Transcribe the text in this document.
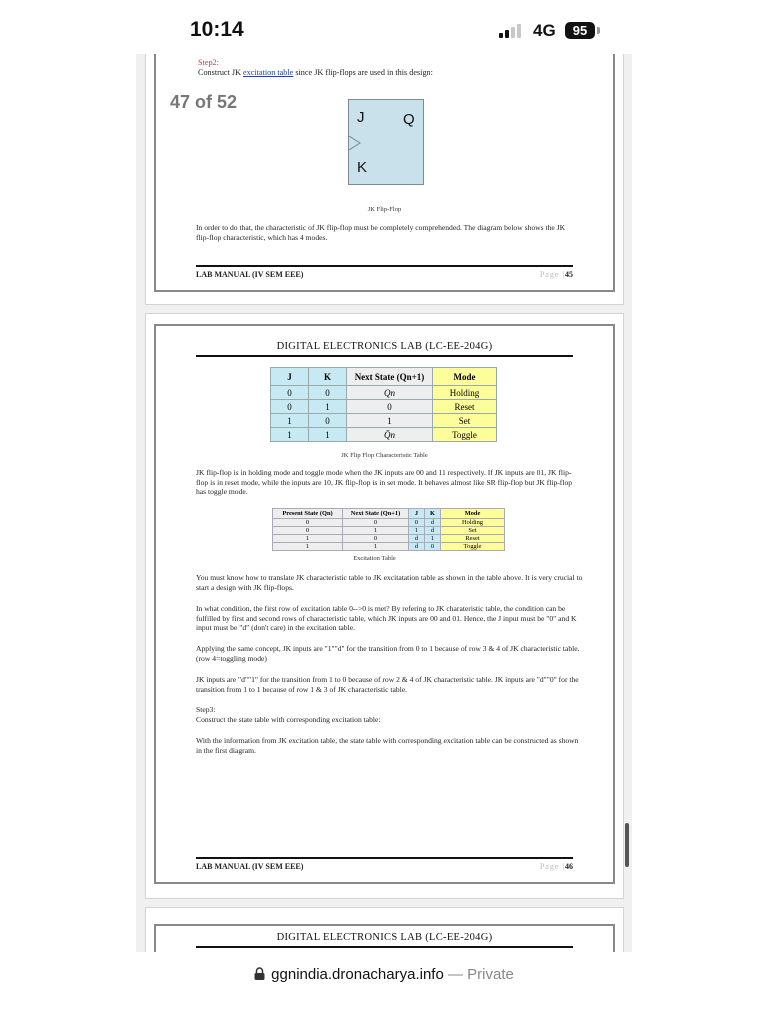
10:14	4G	95
47 of 52
Step2:
Construct JK excitation table since JK flip-flops are used in this design:
J	Q
K
JK Flip-Flop
In order to do that, the characteristic of JK flip-flop must be completely comprehended. The diagram below shows the JK flip-flop characteristic, which has 4 modes.
LAB MANUAL (IV SEM EEE)	Page |45
DIGITAL ELECTRONICS LAB (LC-EE-204G)
J	K	Next State (Qn+1)	Mode
0	0	Qn	Holding
0	1	0	Reset
1	0	1	Set
1	1	Q̄n	Toggle
JK Flip Flop Characteristic Table
JK flip-flop is in holding mode and toggle mode when the JK inputs are 00 and 11 respectively. If JK inputs are 01, JK flip-flop is in reset mode, while the inputs are 10, JK flip-flop is in set mode. It behaves almost like SR flip-flop but JK flip-flop has toggle mode.
Present State (Qn)	Next State (Qn+1)	J	K	Mode
0	0	0	d	Holding
0	1	1	d	Set
1	0	d	1	Reset
1	1	d	0	Toggle
Excitation Table
You must know how to translate JK characteristic table to JK excitatation table as shown in the table above. It is very crucial to start a design with JK flip-flops.
In what condition, the first row of excitation table 0-->0 is met? By refering to JK charateristic table, the condition can be fulfilled by first and second rows of characteristic table, which JK inputs are 00 and 01. Hence, the J input must be "0" and K input must be "d" (don't care) in the excitation table.
Applying the same concept, JK inputs are "1""d" for the transition from 0 to 1 because of row 3 & 4 of JK characteristic table. (row 4=toggling mode)
JK inputs are "d""1" for the transition from 1 to 0 because of row 2 & 4 of JK characteristic table. JK inputs are "d""0" for the transition from 1 to 1 because of row 1 & 3 of JK characteristic table.
Step3:
Construct the state table with corresponding excitation table:
With the information from JK excitation table, the state table with corresponding excitation table can be constructed as shown in the first diagram.
LAB MANUAL (IV SEM EEE)	Page |46
DIGITAL ELECTRONICS LAB (LC-EE-204G)
ggnindia.dronacharya.info — Private
